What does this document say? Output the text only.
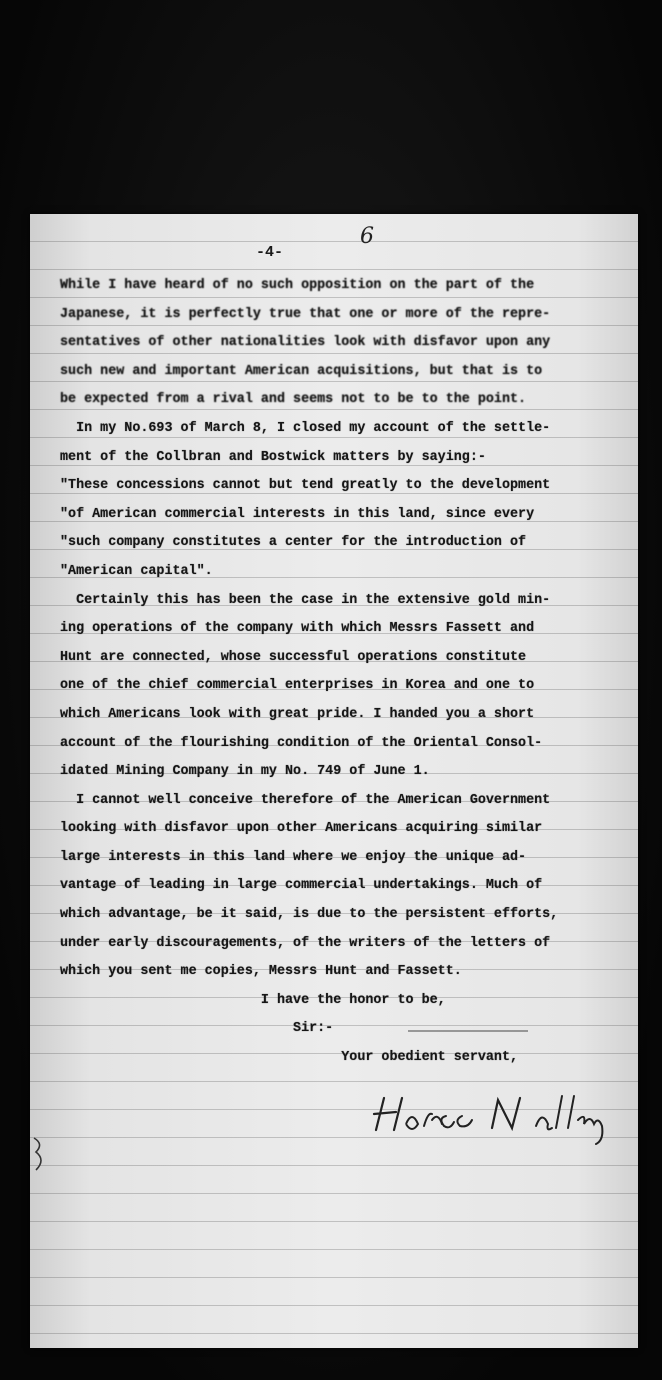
6
-4-
While I have heard of no such opposition on the part of the
Japanese, it is perfectly true that one or more of the repre-
sentatives of other nationalities look with disfavor upon any
such new and important American acquisitions, but that is to
be expected from a rival and seems not to be to the point.
In my No.693 of March 8, I closed my account of the settle-
ment of the Collbran and Bostwick matters by saying:-
"These concessions cannot but tend greatly to the development
"of American commercial interests in this land, since every
"such company constitutes a center for the introduction of
"American capital".
Certainly this has been the case in the extensive gold min-
ing operations of the company with which Messrs Fassett and
Hunt are connected, whose successful operations constitute
one of the chief commercial enterprises in Korea and one to
which Americans look with great pride. I handed you a short
account of the flourishing condition of the Oriental Consol-
idated Mining Company in my No. 749 of June 1.
I cannot well conceive therefore of the American Government
looking with disfavor upon other Americans acquiring similar
large interests in this land where we enjoy the unique ad-
vantage of leading in large commercial undertakings. Much of
which advantage, be it said, is due to the persistent efforts,
under early discouragements, of the writers of the letters of
which you sent me copies, Messrs Hunt and Fassett.
I have the honor to be,
Sir:-
Your obedient servant,
